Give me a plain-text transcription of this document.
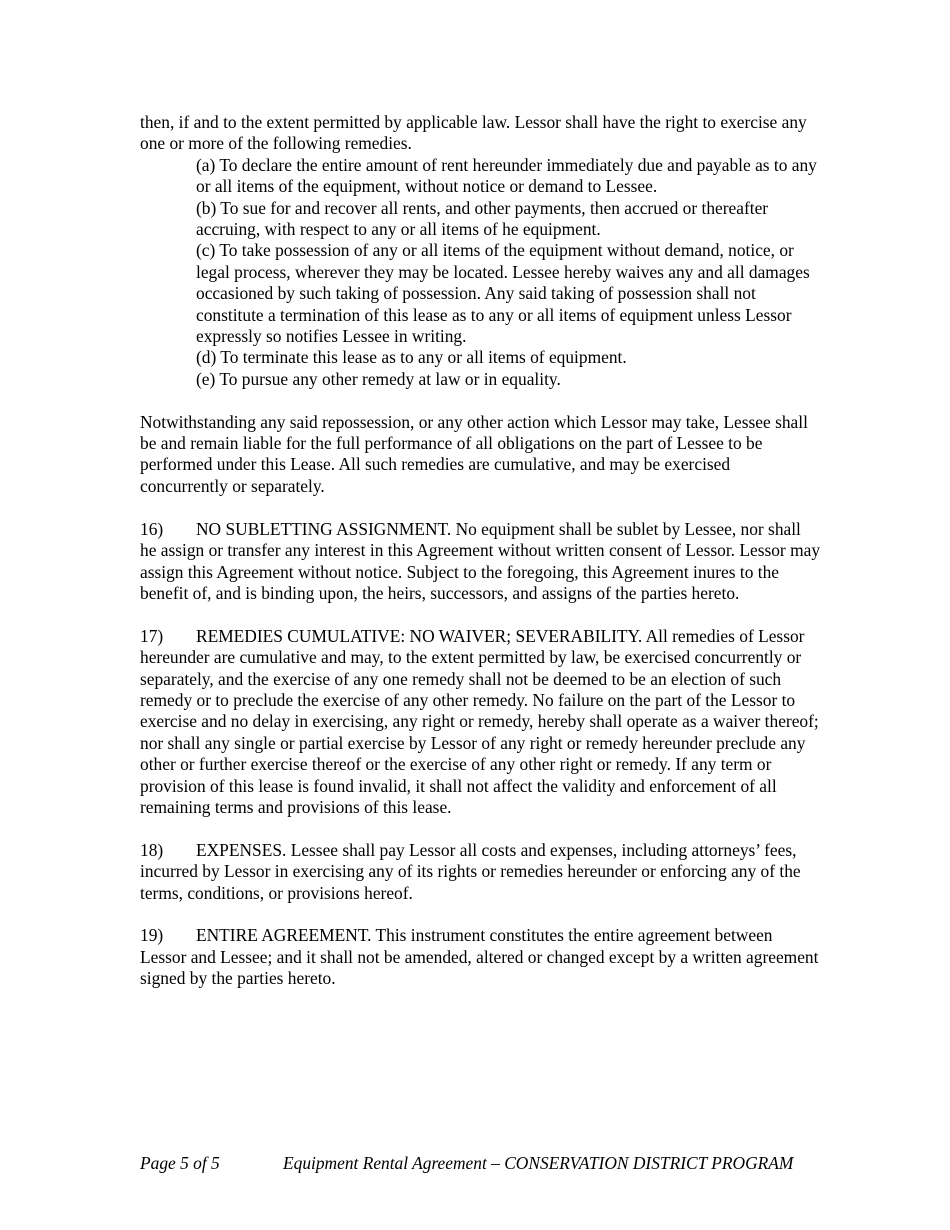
then, if and to the extent permitted by applicable law. Lessor shall have the right to exercise any one or more of the following remedies.

(a) To declare the entire amount of rent hereunder immediately due and payable as to any or all items of the equipment, without notice or demand to Lessee.

(b) To sue for and recover all rents, and other payments, then accrued or thereafter accruing, with respect to any or all items of he equipment.

(c) To take possession of any or all items of the equipment without demand, notice, or legal process, wherever they may be located. Lessee hereby waives any and all damages occasioned by such taking of possession. Any said taking of possession shall not constitute a termination of this lease as to any or all items of equipment unless Lessor expressly so notifies Lessee in writing.

(d) To terminate this lease as to any or all items of equipment.

(e) To pursue any other remedy at law or in equality.

Notwithstanding any said repossession, or any other action which Lessor may take, Lessee shall be and remain liable for the full performance of all obligations on the part of Lessee to be performed under this Lease. All such remedies are cumulative, and may be exercised concurrently or separately.

16) NO SUBLETTING ASSIGNMENT. No equipment shall be sublet by Lessee, nor shall he assign or transfer any interest in this Agreement without written consent of Lessor. Lessor may assign this Agreement without notice. Subject to the foregoing, this Agreement inures to the benefit of, and is binding upon, the heirs, successors, and assigns of the parties hereto.

17) REMEDIES CUMULATIVE: NO WAIVER; SEVERABILITY. All remedies of Lessor hereunder are cumulative and may, to the extent permitted by law, be exercised concurrently or separately, and the exercise of any one remedy shall not be deemed to be an election of such remedy or to preclude the exercise of any other remedy. No failure on the part of the Lessor to exercise and no delay in exercising, any right or remedy, hereby shall operate as a waiver thereof; nor shall any single or partial exercise by Lessor of any right or remedy hereunder preclude any other or further exercise thereof or the exercise of any other right or remedy. If any term or provision of this lease is found invalid, it shall not affect the validity and enforcement of all remaining terms and provisions of this lease.

18) EXPENSES. Lessee shall pay Lessor all costs and expenses, including attorneys’ fees, incurred by Lessor in exercising any of its rights or remedies hereunder or enforcing any of the terms, conditions, or provisions hereof.

19) ENTIRE AGREEMENT. This instrument constitutes the entire agreement between Lessor and Lessee; and it shall not be amended, altered or changed except by a written agreement signed by the parties hereto.

Page 5 of 5	Equipment Rental Agreement – CONSERVATION DISTRICT PROGRAM
